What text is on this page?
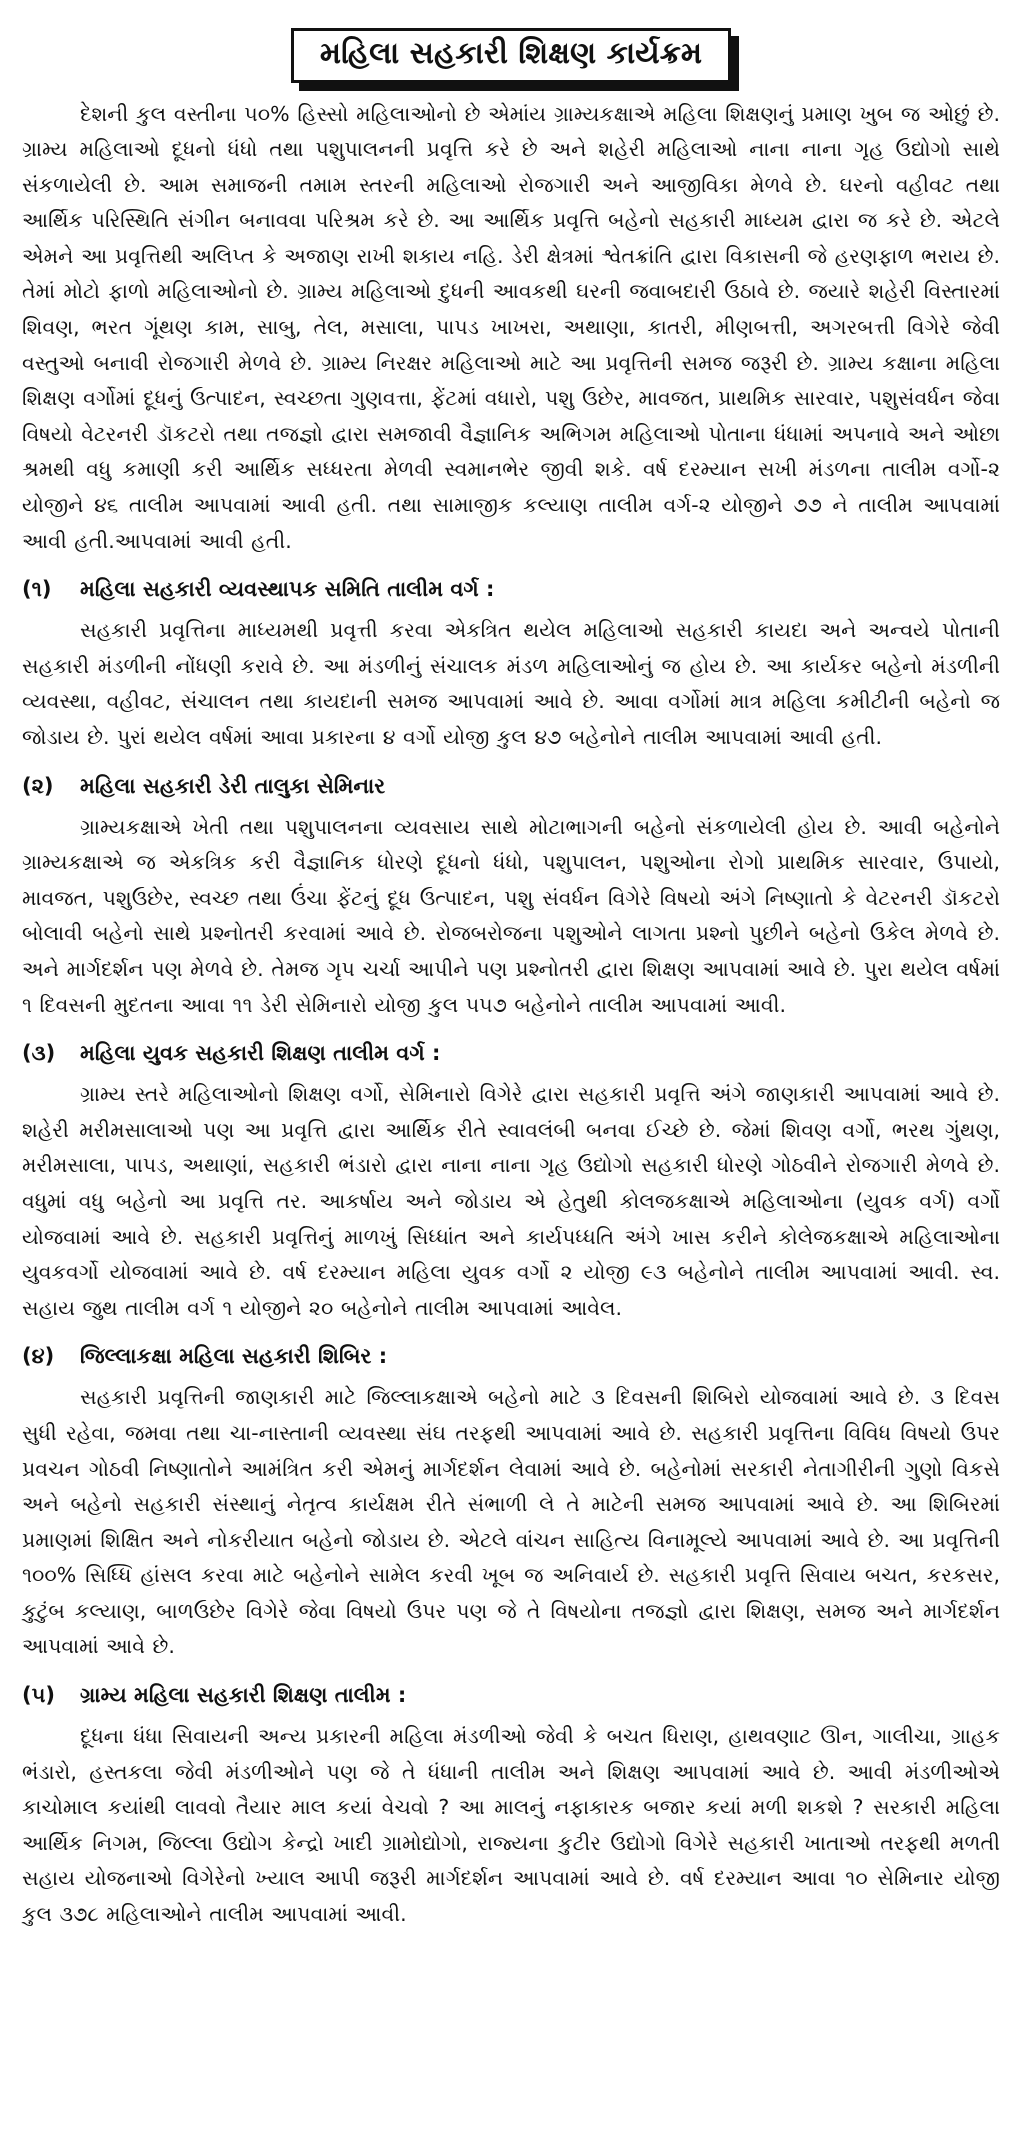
મહિલા સહકારી શિક્ષણ કાર્યક્રમ

દેશની કુલ વસ્તીના ૫૦% હિસ્સો મહિલાઓનો છે એમાંય ગ્રામ્યકક્ષાએ મહિલા શિક્ષણનું પ્રમાણ ખુબ જ ઓછું છે. ગ્રામ્ય મહિલાઓ દૂધનો ધંધો તથા પશુપાલનની પ્રવૃત્તિ કરે છે અને શહેરી મહિલાઓ નાના નાના ગૃહ ઉદ્યોગો સાથે સંકળાયેલી છે. આમ સમાજની તમામ સ્તરની મહિલાઓ રોજગારી અને આજીવિકા મેળવે છે. ઘરનો વહીવટ તથા આર્થિક પરિસ્થિતિ સંગીન બનાવવા પરિશ્રમ કરે છે. આ આર્થિક પ્રવૃત્તિ બહેનો સહકારી માધ્યમ દ્વારા જ કરે છે. એટલે એમને આ પ્રવૃત્તિથી અલિપ્ત કે અજાણ રાખી શકાય નહિ. ડેરી ક્ષેત્રમાં શ્વેતક્રાંતિ દ્વારા વિકાસની જે હરણફાળ ભરાય છે. તેમાં મોટો ફાળો મહિલાઓનો છે. ગ્રામ્ય મહિલાઓ દુધની આવકથી ઘરની જવાબદારી ઉઠાવે છે. જયારે શહેરી વિસ્તારમાં શિવણ, ભરત ગૂંથણ કામ, સાબુ, તેલ, મસાલા, પાપડ ખાખરા, અથાણા, કાતરી, મીણબત્તી, અગરબત્તી વિગેરે જેવી વસ્તુઓ બનાવી રોજગારી મેળવે છે. ગ્રામ્ય નિરક્ષર મહિલાઓ માટે આ પ્રવૃત્તિની સમજ જરૂરી છે. ગ્રામ્ય કક્ષાના મહિલા શિક્ષણ વર્ગોમાં દૂધનું ઉત્પાદન, સ્વચ્છતા ગુણવત્તા, ફેંટમાં વધારો, પશુ ઉછેર, માવજત, પ્રાથમિક સારવાર, પશુસંવર્ધન જેવા વિષયો વેટરનરી ડૉકટરો તથા તજજ્ઞો દ્વારા સમજાવી વૈજ્ઞાનિક અભિગમ મહિલાઓ પોતાના ધંધામાં અપનાવે અને ઓછા શ્રમથી વધુ કમાણી કરી આર્થિક સધ્ધરતા મેળવી સ્વમાનભેર જીવી શકે. વર્ષ દરમ્યાન સખી મંડળના તાલીમ વર્ગો-૨ યોજીને ૪૬ તાલીમ આપવામાં આવી હતી. તથા સામાજીક કલ્યાણ તાલીમ વર્ગ-૨ યોજીને ૭૭ ને તાલીમ આપવામાં આવી હતી.આપવામાં આવી હતી.

(૧)	મહિલા સહકારી વ્યવસ્થાપક સમિતિ તાલીમ વર્ગ :

સહકારી પ્રવૃત્તિના માધ્યમથી પ્રવૃત્તી કરવા એકત્રિત થયેલ મહિલાઓ સહકારી કાયદા અને અન્વયે પોતાની સહકારી મંડળીની નોંધણી કરાવે છે. આ મંડળીનું સંચાલક મંડળ મહિલાઓનું જ હોય છે. આ કાર્યકર બહેનો મંડળીની વ્યવસ્થા, વહીવટ, સંચાલન તથા કાયદાની સમજ આપવામાં આવે છે. આવા વર્ગોમાં માત્ર મહિલા કમીટીની બહેનો જ જોડાય છે. પુરાં થયેલ વર્ષમાં આવા પ્રકારના ૪ વર્ગો યોજી કુલ ૪૭ બહેનોને તાલીમ આપવામાં આવી હતી.

(૨)	મહિલા સહકારી ડેરી તાલુકા સેમિનાર

ગ્રામ્યકક્ષાએ ખેતી તથા પશુપાલનના વ્યવસાય સાથે મોટાભાગની બહેનો સંકળાયેલી હોય છે. આવી બહેનોને ગ્રામ્યકક્ષાએ જ એકત્રિક કરી વૈજ્ઞાનિક ધોરણે દૂધનો ધંધો, પશુપાલન, પશુઓના રોગો પ્રાથમિક સારવાર, ઉપાયો, માવજત, પશુઉછેર, સ્વચ્છ તથા ઉંચા ફેંટનું દૂધ ઉત્પાદન, પશુ સંવર્ધન વિગેરે વિષયો અંગે નિષ્ણાતો કે વેટરનરી ડૉકટરો બોલાવી બહેનો સાથે પ્રશ્નોતરી કરવામાં આવે છે. રોજબરોજના પશુઓને લાગતા પ્રશ્નો પુછીને બહેનો ઉકેલ મેળવે છે. અને માર્ગદર્શન પણ મેળવે છે. તેમજ ગૃપ ચર્ચા આપીને પણ પ્રશ્નોતરી દ્વારા શિક્ષણ આપવામાં આવે છે. પુરા થયેલ વર્ષમાં ૧ દિવસની મુદતના આવા ૧૧ ડેરી સેમિનારો યોજી કુલ ૫૫૭ બહેનોને તાલીમ આપવામાં આવી.

(૩)	મહિલા યુવક સહકારી શિક્ષણ તાલીમ વર્ગ :

ગ્રામ્ય સ્તરે મહિલાઓનો શિક્ષણ વર્ગો, સેમિનારો વિગેરે દ્વારા સહકારી પ્રવૃત્તિ અંગે જાણકારી આપવામાં આવે છે. શહેરી મરીમસાલાઓ પણ આ પ્રવૃત્તિ દ્વારા આર્થિક રીતે સ્વાવલંબી બનવા ઈચ્છે છે. જેમાં શિવણ વર્ગો, ભરથ ગુંથણ, મરીમસાલા, પાપડ, અથાણાં, સહકારી ભંડારો દ્વારા નાના નાના ગૃહ ઉદ્યોગો સહકારી ધોરણે ગોઠવીને રોજગારી મેળવે છે. વધુમાં વધુ બહેનો આ પ્રવૃત્તિ તર. આકર્ષાય અને જોડાય એ હેતુથી કોલજકક્ષાએ મહિલાઓના (યુવક વર્ગ) વર્ગો યોજવામાં આવે છે. સહકારી પ્રવૃત્તિનું માળખું સિધ્ધાંત અને કાર્યપધ્ધતિ અંગે ખાસ કરીને કોલેજકક્ષાએ મહિલાઓના યુવકવર્ગો યોજવામાં આવે છે. વર્ષ દરમ્યાન મહિલા યુવક વર્ગો ૨ યોજી ૯૩ બહેનોને તાલીમ આપવામાં આવી. સ્વ. સહાય જુથ તાલીમ વર્ગ ૧ યોજીને ૨૦ બહેનોને તાલીમ આપવામાં આવેલ.

(૪)	જિલ્લાકક્ષા મહિલા સહકારી શિબિર :

સહકારી પ્રવૃત્તિની જાણકારી માટે જિલ્લાકક્ષાએ બહેનો માટે ૩ દિવસની શિબિરો યોજવામાં આવે છે. ૩ દિવસ સુધી રહેવા, જમવા તથા ચા-નાસ્તાની વ્યવસ્થા સંઘ તરફથી આપવામાં આવે છે. સહકારી પ્રવૃત્તિના વિવિધ વિષયો ઉપર પ્રવચન ગોઠવી નિષ્ણાતોને આમંત્રિત કરી એમનું માર્ગદર્શન લેવામાં આવે છે. બહેનોમાં સરકારી નેતાગીરીની ગુણો વિકસે અને બહેનો સહકારી સંસ્થાનું નેતૃત્વ કાર્યક્ષમ રીતે સંભાળી લે તે માટેની સમજ આપવામાં આવે છે. આ શિબિરમાં પ્રમાણમાં શિક્ષિત અને નોકરીયાત બહેનો જોડાય છે. એટલે વાંચન સાહિત્ય વિનામૂલ્યે આપવામાં આવે છે. આ પ્રવૃત્તિની ૧૦૦% સિધ્ધિ હાંસલ કરવા માટે બહેનોને સામેલ કરવી ખૂબ જ અનિવાર્ય છે. સહકારી પ્રવૃત્તિ સિવાય બચત, કરકસર, કુટુંબ કલ્યાણ, બાળઉછેર વિગેરે જેવા વિષયો ઉપર પણ જે તે વિષયોના તજજ્ઞો દ્વારા શિક્ષણ, સમજ અને માર્ગદર્શન આપવામાં આવે છે.

(૫)	ગ્રામ્ય મહિલા સહકારી શિક્ષણ તાલીમ :

દૂધના ધંધા સિવાયની અન્ય પ્રકારની મહિલા મંડળીઓ જેવી કે બચત ધિરાણ, હાથવણાટ ઊન, ગાલીચા, ગ્રાહક ભંડારો, હસ્તકલા જેવી મંડળીઓને પણ જે તે ધંધાની તાલીમ અને શિક્ષણ આપવામાં આવે છે. આવી મંડળીઓએ કાચોમાલ કયાંથી લાવવો તૈયાર માલ કયાં વેચવો ? આ માલનું નફાકારક બજાર કયાં મળી શકશે ? સરકારી મહિલા આર્થિક નિગમ, જિલ્લા ઉદ્યોગ કેન્દ્રો ખાદી ગ્રામોદ્યોગો, રાજ્યના કુટીર ઉદ્યોગો વિગેરે સહકારી ખાતાઓ તરફથી મળતી સહાય યોજનાઓ વિગેરેનો ખ્યાલ આપી જરૂરી માર્ગદર્શન આપવામાં આવે છે. વર્ષ દરમ્યાન આવા ૧૦ સેમિનાર યોજી કુલ ૩૭૮ મહિલાઓને તાલીમ આપવામાં આવી.
